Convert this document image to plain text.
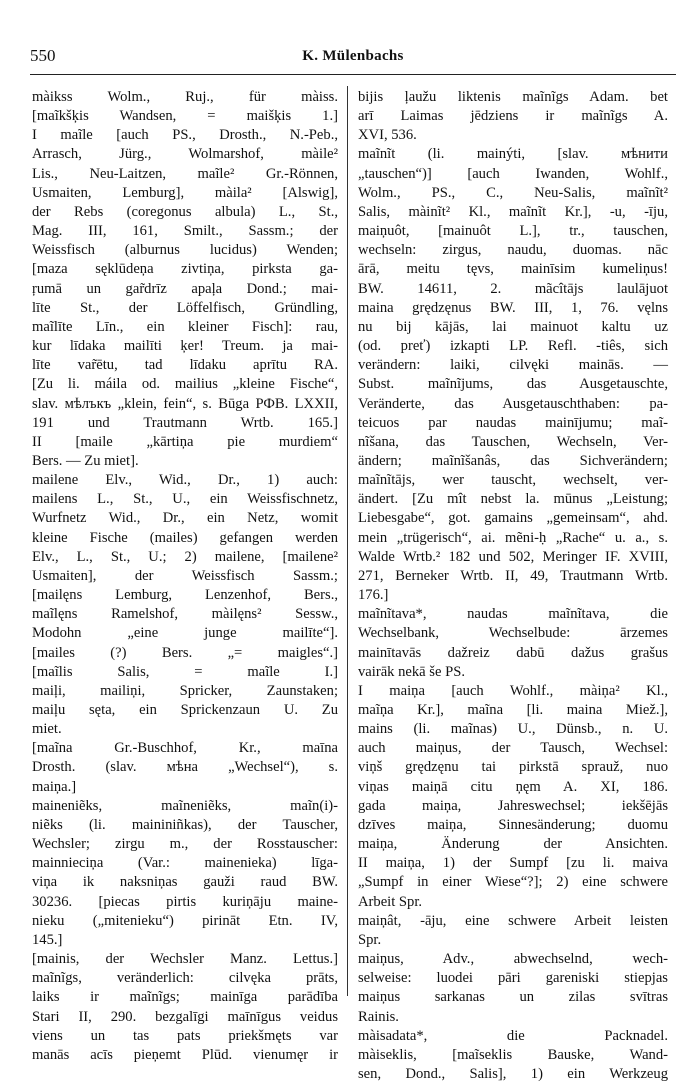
550	K. Mülenbachs
màikss Wolm., Ruj., für màiss.
[maĩkšķis Wandsen, = maišķis 1.]
I maĩle [auch PS., Drosth., N.-Peb.,
Arrasch, Jürg., Wolmarshof, màile²
Lis., Neu-Laitzen, maĩle² Gr.-Rönnen,
Usmaiten, Lemburg], màila² [Alswig],
der Rebs (coregonus albula) L., St.,
Mag. III, 161, Smilt., Sassm.; der
Weissfisch (alburnus lucidus) Wenden;
[maza sęklūdeņa zivtiņa, pirksta ga-
ŗumā un gar̃drīz apaļa Dond.; mai-
līte St., der Löffelfisch, Gründling,
maĩlīte Līn., ein kleiner Fisch]: rau,
kur līdaka mailīti ķer! Treum. ja mai-
līte var̃ētu, tad līdaku aprītu RA.
[Zu li. máila od. mailius „kleine Fische“,
slav. мѣлъкъ „klein, fein“, s. Būga РФВ. LXXII,
191 und Trautmann Wrtb. 165.]
II [maile „kārtiņa pie murdiem“
Bers. — Zu miet].
mailene Elv., Wid., Dr., 1) auch:
mailens L., St., U., ein Weissfischnetz,
Wurfnetz Wid., Dr., ein Netz, womit
kleine Fische (mailes) gefangen werden
Elv., L., St., U.; 2) mailene, [mailene²
Usmaiten], der Weissfisch Sassm.;
[mailęns Lemburg, Lenzenhof, Bers.,
maĩlęns Ramelshof, màilęns² Sessw.,
Modohn „eine junge mailīte“].
[mailes (?) Bers. „= maigles“.]
[maĩlis Salis, = maĩle I.]
maiļi, mailiņi, Spricker, Zaunstaken;
maiļu sęta, ein Sprickenzaun U. Zu
miet.
[maĩna Gr.-Buschhof, Kr., maīna
Drosth. (slav. мѣна „Wechsel“), s.
maiņa.]
maineniẽks, maĩneniẽks, maĩn(i)-
niẽks (li. maininiñkas), der Tauscher,
Wechsler; zirgu m., der Rosstauscher:
mainnieciņa (Var.: mainenieka) līga-
viņa ik naksniņas gauži raud BW.
30236. [piecas pirtis kuriņāju maine-
nieku („mitenieku“) pirināt Etn. IV,
145.]
[mainis, der Wechsler Manz. Lettus.]
maĩnĩgs, veränderlich: cilvęka prāts,
laiks ir maĩnĩgs; mainīga parādība
Stari II, 290. bezgalīgi maīnīgus veidus
viens un tas pats priekšmęts var
manās acīs pieņemt Plūd. vienumęr ir
bijis ļaužu liktenis maĩnĩgs Adam. bet
arī Laimas jēdziens ir maĩnĩgs A.
XVI, 536.
maĩnĩt (li. mainýti, [slav. мѣнити
„tauschen“)] [auch Iwanden, Wohlf.,
Wolm., PS., C., Neu-Salis, maĩnĩt²
Salis, màinĩt² Kl., maĩnĩt Kr.], -u, -īju,
maiņuôt, [mainuôt L.], tr., tauschen,
wechseln: zirgus, naudu, duomas. nāc
ārā, meitu tęvs, mainīsim kumeliņus!
BW. 14611, 2. mãcîtājs laulājuot
maina grędzęnus BW. III, 1, 76. vęlns
nu bij kājās, lai mainuot kaltu uz
(od. preť) izkapti LP. Refl. -tiês, sich
verändern: laiki, cilvęki mainās. —
Subst. maĩnĩjums, das Ausgetauschte,
Veränderte, das Ausgetauschthaben: pa-
teicuos par naudas mainījumu; maĩ-
nĩšana, das Tauschen, Wechseln, Ver-
ändern; maĩnĩšanâs, das Sichverändern;
maĩnĩtājs, wer tauscht, wechselt, ver-
ändert. [Zu mît nebst la. mūnus „Leistung;
Liebesgabe“, got. gamains „gemeinsam“, ahd.
mein „trügerisch“, ai. mẽni-ḥ „Rache“ u. a., s.
Walde Wrtb.² 182 und 502, Meringer IF. XVIII,
271, Berneker Wrtb. II, 49, Trautmann Wrtb.
176.]
maĩnĩtava*, naudas maĩnĩtava, die
Wechselbank, Wechselbude: ārzemes
mainītavās dažreiz dabū dažus grašus
vairāk nekā še PS.
I maiņa [auch Wohlf., màiņa² Kl.,
maĩņa Kr.], maĩna [li. maina Miež.],
mains (li. maĩnas) U., Dünsb., n. U.
auch maiņus, der Tausch, Wechsel:
viņš grędzęnu tai pirkstā sprauž, nuo
viņas maiņā citu ņęm A. XI, 186.
gada maiņa, Jahreswechsel; iekšējās
dzīves maiņa, Sinnesänderung; duomu
maiņa, Änderung der Ansichten.
II maiņa, 1) der Sumpf [zu li. maiva
„Sumpf in einer Wiese“?]; 2) eine schwere
Arbeit Spr.
maiņât, -āju, eine schwere Arbeit leisten
Spr.
maiņus, Adv., abwechselnd, wech-
selweise: luodei pāri gareniski stiepjas
maiņus sarkanas un zilas svītras
Rainis.
màisadata*, die Packnadel.
màiseklis, [maĩseklis Bauske, Wand-
sen, Dond., Salis], 1) ein Werkzeug
